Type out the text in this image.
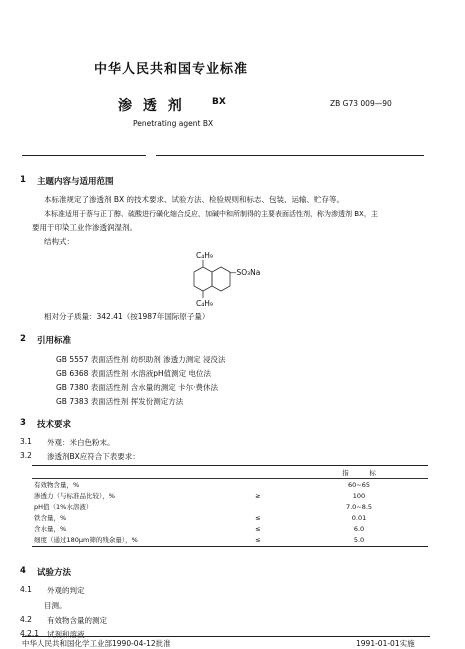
中华人民共和国专业标准
渗 透 剂	BX	ZB G73 009—90
Penetrating agent BX
1 主题内容与适用范围
本标准规定了渗透剂 BX 的技术要求、试验方法、检验规则和标志、包装、运输、贮存等。
本标准适用于萘与正丁醇、硫酸进行磺化缩合反应，加碱中和所制得的主要表面活性剂，称为渗透剂 BX，主
要用于印染工业作渗透润湿剂。
结构式：
C₄H₉
—SO₃Na
C₄H₉
相对分子质量：342.41（按1987年国际原子量）
2 引用标准
GB 5557 表面活性剂 纺织助剂 渗透力测定 浸没法
GB 6368 表面活性剂 水溶液pH值测定 电位法
GB 7380 表面活性剂 含水量的测定 卡尔·费休法
GB 7383 表面活性剂 挥发份测定方法
3 技术要求
3.1 外观：米白色粉末。
3.2 渗透剂BX应符合下表要求：
		指 标
有效物含量，%		60~65
渗透力（与标准品比较），%	≥	100
pH值（1%水溶液）		7.0~8.5
铁含量，%	≤	0.01
含水量，%	≤	6.0
细度（通过180μm筛的残余量），%	≤	5.0
4 试验方法
4.1 外观的判定
目测。
4.2 有效物含量的测定
4.2.1 试剂和溶液
中华人民共和国化学工业部1990-04-12批准	1991-01-01实施
